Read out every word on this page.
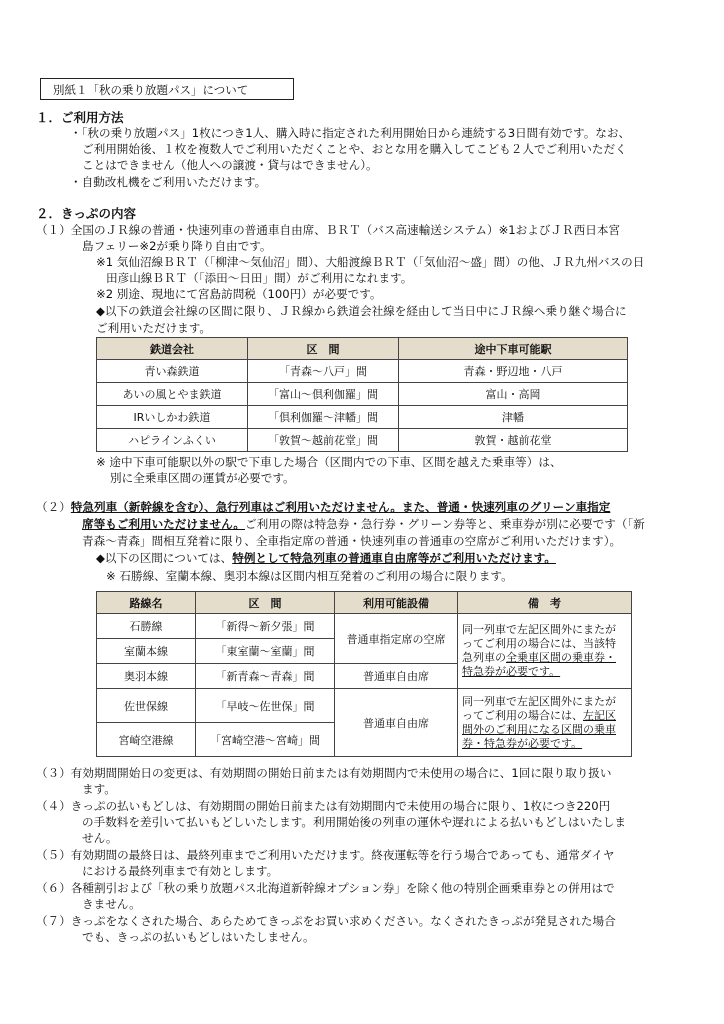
別紙１「秋の乗り放題パス」について
１．ご利用方法
・「秋の乗り放題パス」1枚につき1人、購入時に指定された利用開始日から連続する3日間有効です。なお、
ご利用開始後、１枚を複数人でご利用いただくことや、おとな用を購入してこども２人でご利用いただく
ことはできません（他人への譲渡・貸与はできません）。
・自動改札機をご利用いただけます。
２．きっぷの内容
（１）全国のＪＲ線の普通・快速列車の普通車自由席、ＢＲＴ（バス高速輸送システム）※1およびＪＲ西日本宮
島フェリー※2が乗り降り自由です。
※1 気仙沼線ＢＲＴ（「柳津～気仙沼」間）、大船渡線ＢＲＴ（「気仙沼～盛」間）の他、ＪＲ九州バスの日
田彦山線ＢＲＴ（「添田～日田」間）がご利用になれます。
※2 別途、現地にて宮島訪問税（100円）が必要です。
◆以下の鉄道会社線の区間に限り、ＪＲ線から鉄道会社線を経由して当日中にＪＲ線へ乗り継ぐ場合に
ご利用いただけます。
鉄道会社	区　間	途中下車可能駅
青い森鉄道	「青森～八戸」間	青森・野辺地・八戸
あいの風とやま鉄道	「富山～倶利伽羅」間	富山・高岡
IRいしかわ鉄道	「倶利伽羅～津幡」間	津幡
ハピラインふくい	「敦賀～越前花堂」間	敦賀・越前花堂
※ 途中下車可能駅以外の駅で下車した場合（区間内での下車、区間を越えた乗車等）は、
別に全乗車区間の運賃が必要です。
（２）特急列車（新幹線を含む）、急行列車はご利用いただけません。また、普通・快速列車のグリーン車指定
席等もご利用いただけません。ご利用の際は特急券・急行券・グリーン券等と、乗車券が別に必要です（「新
青森～青森」間相互発着に限り、全車指定席の普通・快速列車の普通車の空席がご利用いただけます）。
◆以下の区間については、特例として特急列車の普通車自由席等がご利用いただけます。
※ 石勝線、室蘭本線、奥羽本線は区間内相互発着のご利用の場合に限ります。
路線名	区　間	利用可能設備	備　考
石勝線	「新得～新夕張」間	普通車指定席の空席	同一列車で左記区間外にまたが
ってご利用の場合には、当該特
急列車の全乗車区間の乗車券・
特急券が必要です。

室蘭本線	「東室蘭～室蘭」間		
奥羽本線	「新青森～青森」間	普通車自由席	
佐世保線	「早岐～佐世保」間	普通車自由席	同一列車で左記区間外にまたが
ってご利用の場合には、左記区
間外のご利用になる区間の乗車
券・特急券が必要です。

宮崎空港線	「宮崎空港～宮崎」間		
（３）有効期間開始日の変更は、有効期間の開始日前または有効期間内で未使用の場合に、1回に限り取り扱い
ます。
（４）きっぷの払いもどしは、有効期間の開始日前または有効期間内で未使用の場合に限り、1枚につき220円
の手数料を差引いて払いもどしいたします。利用開始後の列車の運休や遅れによる払いもどしはいたしま
せん。
（５）有効期間の最終日は、最終列車までご利用いただけます。終夜運転等を行う場合であっても、通常ダイヤ
における最終列車まで有効とします。
（６）各種割引および「秋の乗り放題パス北海道新幹線オプション券」を除く他の特別企画乗車券との併用はで
きません。
（７）きっぷをなくされた場合、あらためてきっぷをお買い求めください。なくされたきっぷが発見された場合
でも、きっぷの払いもどしはいたしません。
